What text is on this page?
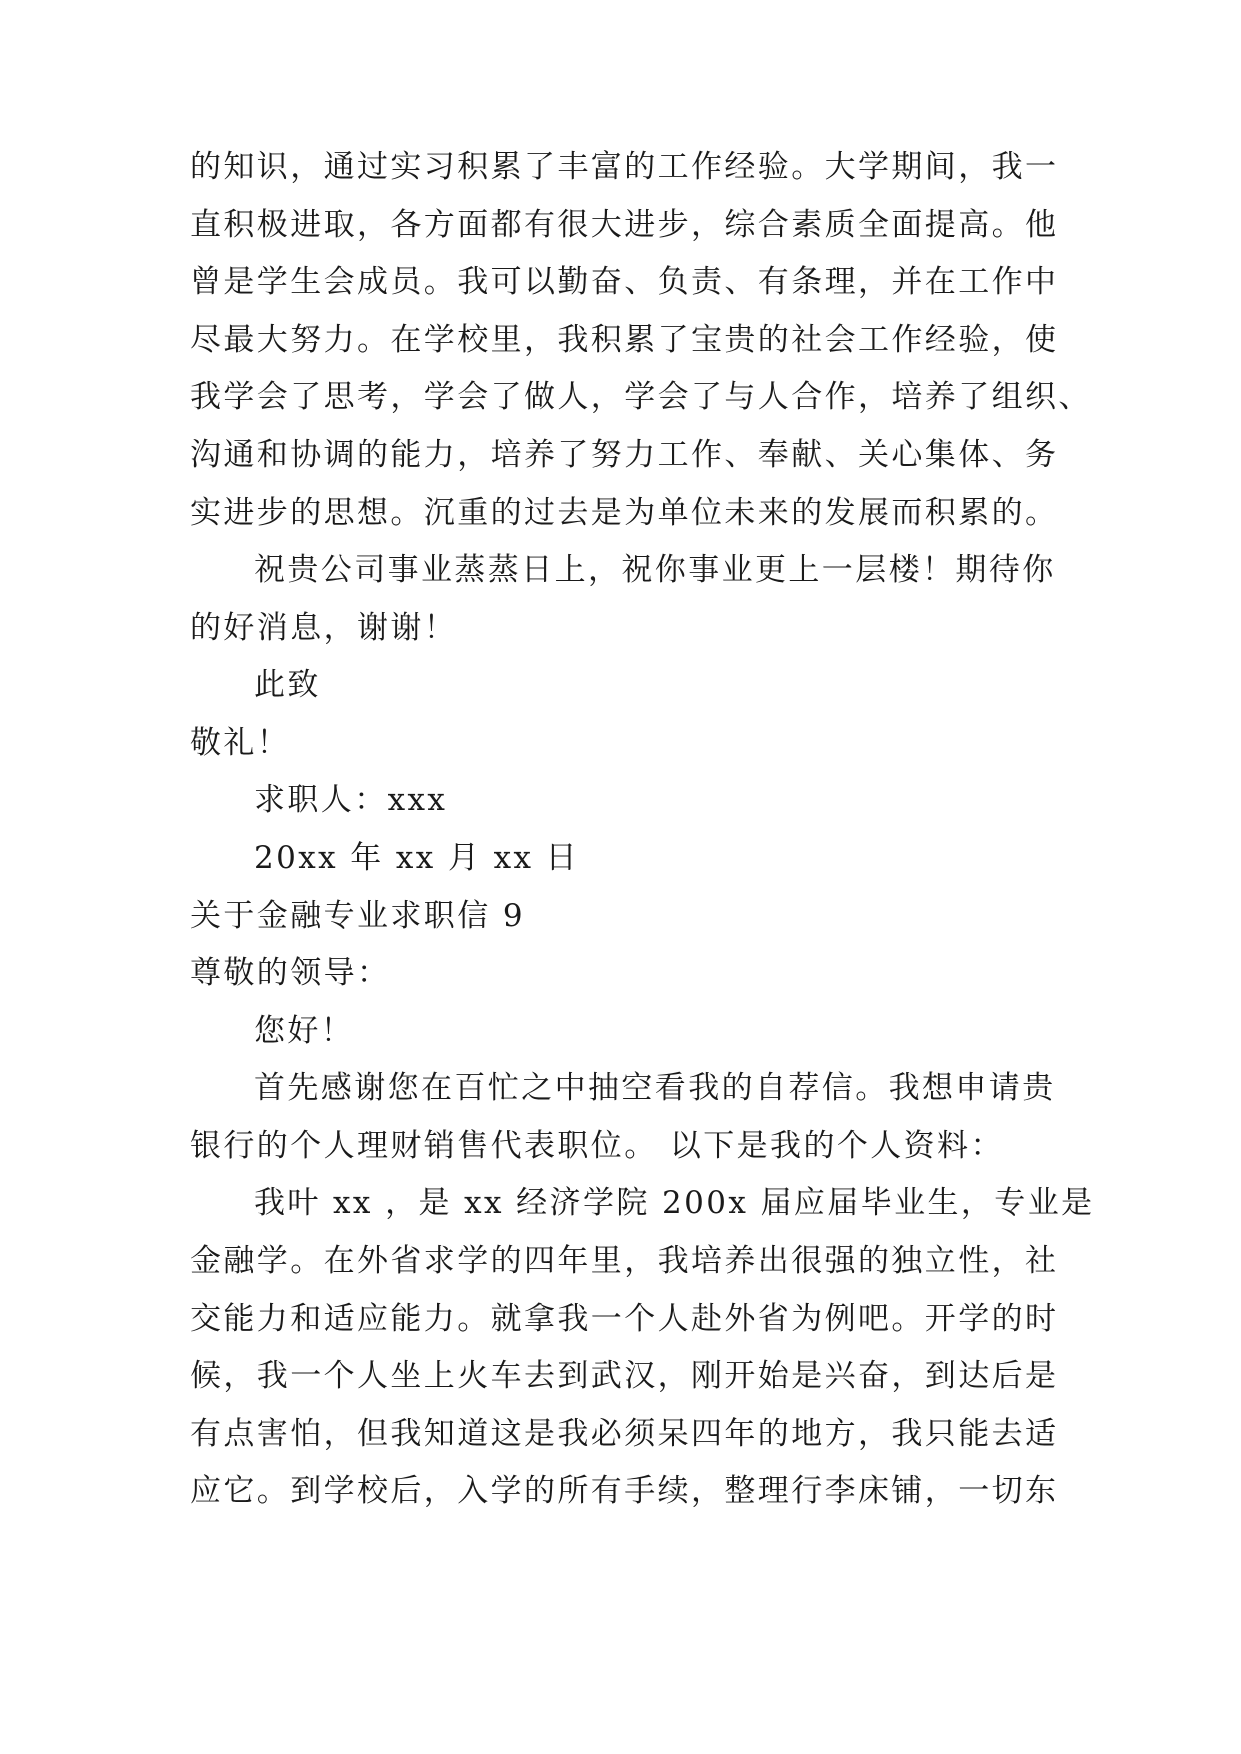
的知识，通过实习积累了丰富的工作经验。大学期间，我一
直积极进取，各方面都有很大进步，综合素质全面提高。他
曾是学生会成员。我可以勤奋、负责、有条理，并在工作中
尽最大努力。在学校里，我积累了宝贵的社会工作经验，使
我学会了思考，学会了做人，学会了与人合作，培养了组织、
沟通和协调的能力，培养了努力工作、奉献、关心集体、务
实进步的思想。沉重的过去是为单位未来的发展而积累的。
祝贵公司事业蒸蒸日上，祝你事业更上一层楼！期待你
的好消息，谢谢！
此致
敬礼！
求职人：xxx
20xx 年 xx 月 xx 日
关于金融专业求职信 9
尊敬的领导：
您好！
首先感谢您在百忙之中抽空看我的自荐信。我想申请贵
银行的个人理财销售代表职位。 以下是我的个人资料：
我叶 xx ，是 xx 经济学院 200x 届应届毕业生，专业是
金融学。在外省求学的四年里，我培养出很强的独立性，社
交能力和适应能力。就拿我一个人赴外省为例吧。开学的时
候，我一个人坐上火车去到武汉，刚开始是兴奋，到达后是
有点害怕，但我知道这是我必须呆四年的地方，我只能去适
应它。到学校后，入学的所有手续，整理行李床铺，一切东
